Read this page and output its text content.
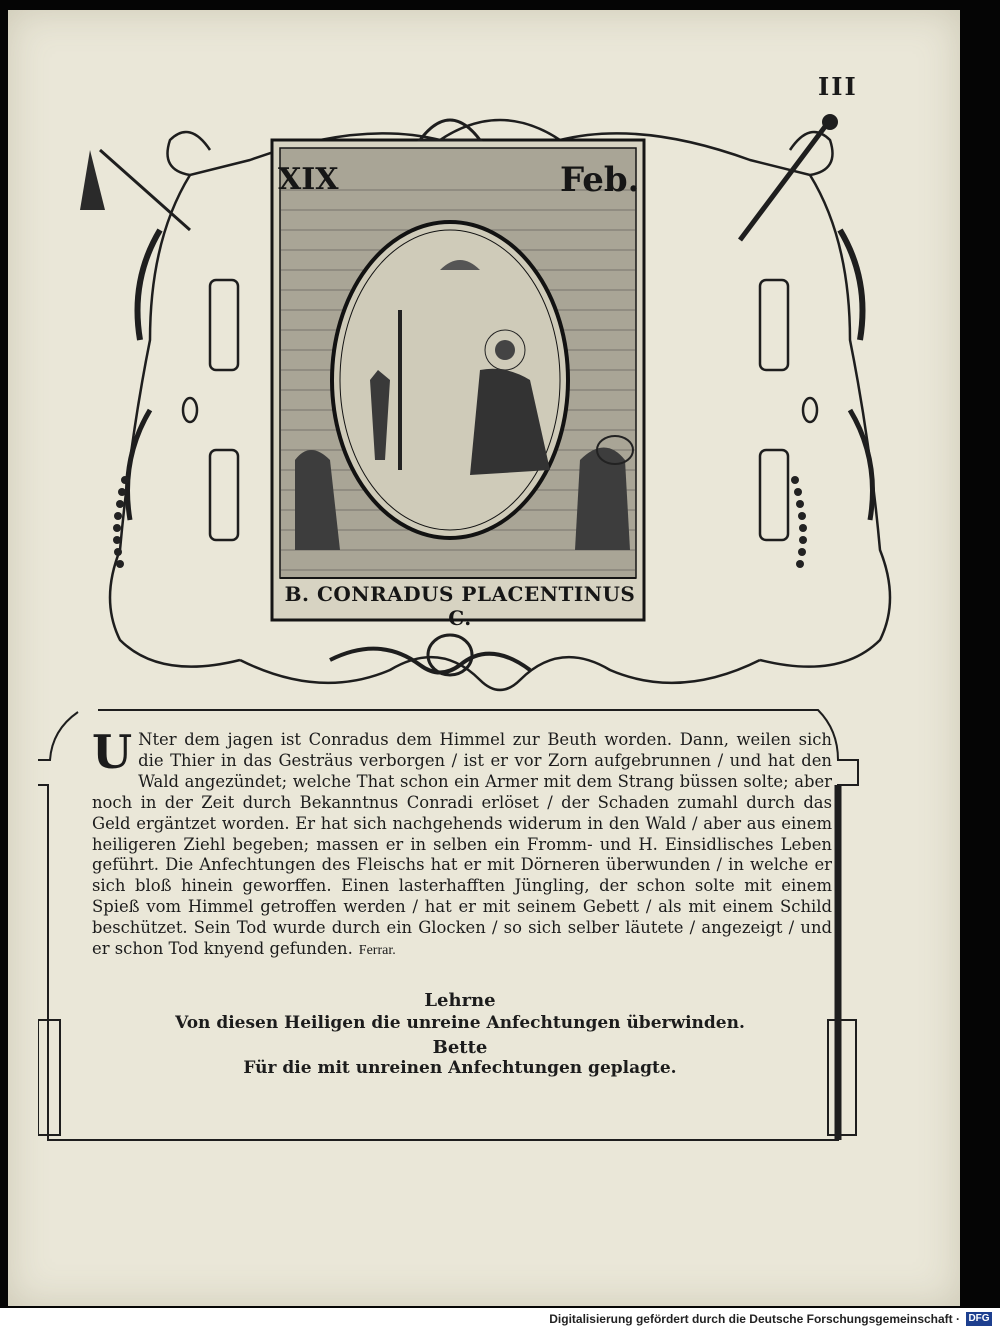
III
XIX	Feb.
B. CONRADUS PLACENTINUS C.
U Nter dem jagen ist Conradus dem Himmel zur Beuth worden. Dann, weilen sich die Thier in das Gesträus verborgen / ist er vor Zorn aufgebrunnen / und hat den Wald angezündet; welche That schon ein Armer mit dem Strang büssen solte; aber noch in der Zeit durch Bekanntnus Conradi erlöset / der Schaden zumahl durch das Geld ergäntzet worden. Er hat sich nachgehends widerum in den Wald / aber aus einem heiligeren Ziehl begeben; massen er in selben ein Fromm- und H. Einsidlisches Leben geführt. Die Anfechtungen des Fleischs hat er mit Dörneren überwunden / in welche er sich bloß hinein geworffen. Einen lasterhafften Jüngling, der schon solte mit einem Spieß vom Himmel getroffen werden / hat er mit seinem Gebett / als mit einem Schild beschützet. Sein Tod wurde durch ein Glocken / so sich selber läutete / angezeigt / und er schon Tod knyend gefunden. Ferrar.
Lehrne
Von diesen Heiligen die unreine Anfechtungen überwinden.
Bette
Für die mit unreinen Anfechtungen geplagte.
Digitalisierung gefördert durch die Deutsche Forschungsgemeinschaft · DFG
